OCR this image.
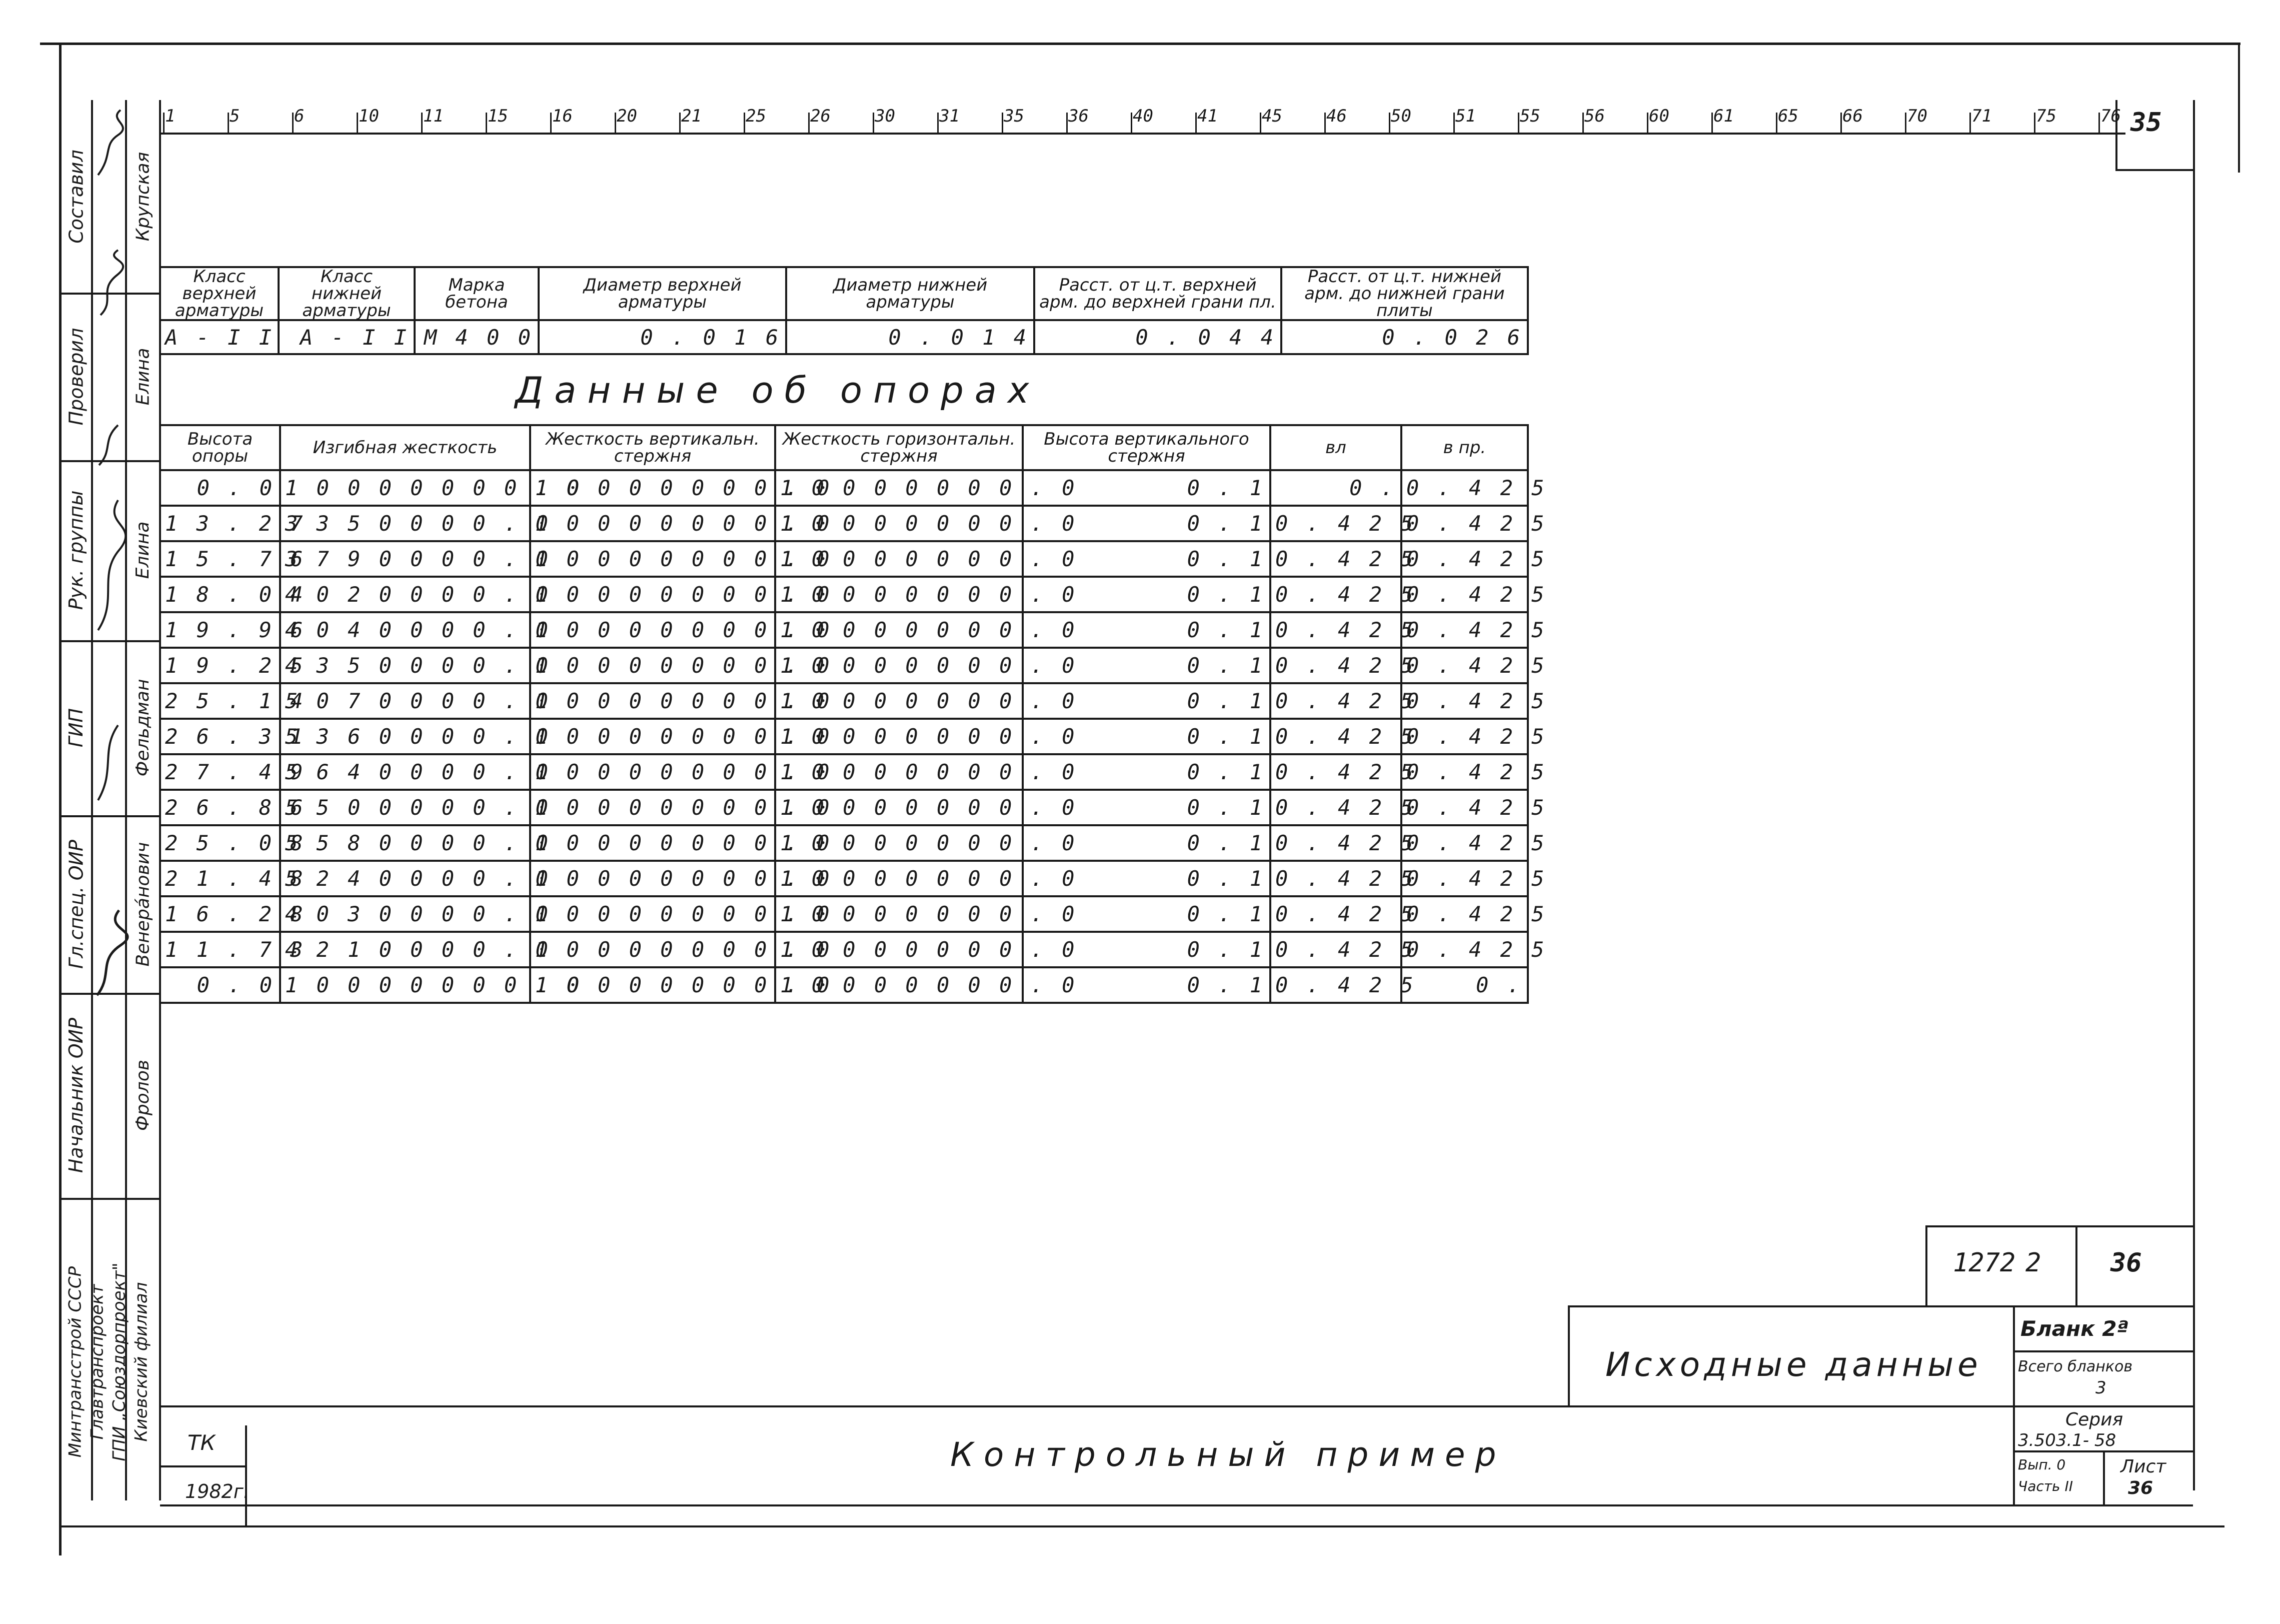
35
1	5	6	10	11	15	16	20	21	25	26	30	31	35	36	40	41	45	46	50	51	55	56	60	61	65	66	70	71	75	76
Составил	Крупская
Проверил	Елина
Рук. группы	Елина
ГИП	Фельдман
Гл.спец. ОИР	Венерáнович
Начальник ОИР	Фролов
Минтрансстрой СССР Главтранспроект ГПИ „Союздорпроект" Киевский филиал
Класс верхней арматуры	Класс нижней арматуры	Марка бетона	Диаметр верхней арматуры	Диаметр нижней арматуры	Расст. от ц.т. верхней арм. до верхней грани пл.	Расст. от ц.т. нижней арм. до нижней грани плиты
А - I I	А - I I	М 4 0 0	0 . 0 1 6	0 . 0 1 4	0 . 0 4 4	0 . 0 2 6
Данные об опорах
Высота опоры	Изгибная жесткость	Жесткость вертикальн. стержня	Жесткость горизонтальн. стержня	Высота вертикального стержня	вл	в пр.
0 . 0	1 0 0 0 0 0 0 0 . 0	1 0 0 0 0 0 0 0 . 0	1 0 0 0 0 0 0 0 . 0	0 . 1	0 .	0 . 4 2 5
1 3 . 2 7	3 3 5 0 0 0 0 . 0	1 0 0 0 0 0 0 0 . 0	1 0 0 0 0 0 0 0 . 0	0 . 1	0 . 4 2 5	0 . 4 2 5
1 5 . 7 6	3 7 9 0 0 0 0 . 0	1 0 0 0 0 0 0 0 . 0	1 0 0 0 0 0 0 0 . 0	0 . 1	0 . 4 2 5	0 . 4 2 5
1 8 . 0 4	4 0 2 0 0 0 0 . 0	1 0 0 0 0 0 0 0 . 0	1 0 0 0 0 0 0 0 . 0	0 . 1	0 . 4 2 5	0 . 4 2 5
1 9 . 9 6	4 0 4 0 0 0 0 . 0	1 0 0 0 0 0 0 0 . 0	1 0 0 0 0 0 0 0 . 0	0 . 1	0 . 4 2 5	0 . 4 2 5
1 9 . 2 5	4 3 5 0 0 0 0 . 0	1 0 0 0 0 0 0 0 . 0	1 0 0 0 0 0 0 0 . 0	0 . 1	0 . 4 2 5	0 . 4 2 5
2 5 . 1 4	5 0 7 0 0 0 0 . 0	1 0 0 0 0 0 0 0 . 0	1 0 0 0 0 0 0 0 . 0	0 . 1	0 . 4 2 5	0 . 4 2 5
2 6 . 3 1	5 3 6 0 0 0 0 . 0	1 0 0 0 0 0 0 0 . 0	1 0 0 0 0 0 0 0 . 0	0 . 1	0 . 4 2 5	0 . 4 2 5
2 7 . 4 9	5 6 4 0 0 0 0 . 0	1 0 0 0 0 0 0 0 . 0	1 0 0 0 0 0 0 0 . 0	0 . 1	0 . 4 2 5	0 . 4 2 5
2 6 . 8 6	5 5 0 0 0 0 0 . 0	1 0 0 0 0 0 0 0 . 0	1 0 0 0 0 0 0 0 . 0	0 . 1	0 . 4 2 5	0 . 4 2 5
2 5 . 0 8	5 5 8 0 0 0 0 . 0	1 0 0 0 0 0 0 0 . 0	1 0 0 0 0 0 0 0 . 0	0 . 1	0 . 4 2 5	0 . 4 2 5
2 1 . 4 8	5 2 4 0 0 0 0 . 0	1 0 0 0 0 0 0 0 . 0	1 0 0 0 0 0 0 0 . 0	0 . 1	0 . 4 2 5	0 . 4 2 5
1 6 . 2 8	4 0 3 0 0 0 0 . 0	1 0 0 0 0 0 0 0 . 0	1 0 0 0 0 0 0 0 . 0	0 . 1	0 . 4 2 5	0 . 4 2 5
1 1 . 7 3	4 2 1 0 0 0 0 . 0	1 0 0 0 0 0 0 0 . 0	1 0 0 0 0 0 0 0 . 0	0 . 1	0 . 4 2 5	0 . 4 2 5
0 . 0	1 0 0 0 0 0 0 0 . 0	1 0 0 0 0 0 0 0 . 0	1 0 0 0 0 0 0 0 . 0	0 . 1	0 . 4 2 5	0 .
1272 2	36
Исходные данные
Бланк 2ª
Всего бланков
3
Серия
3.503.1- 58
Вып. 0
Часть II
Лист
36
ТК
1982г.
Контрольный пример
